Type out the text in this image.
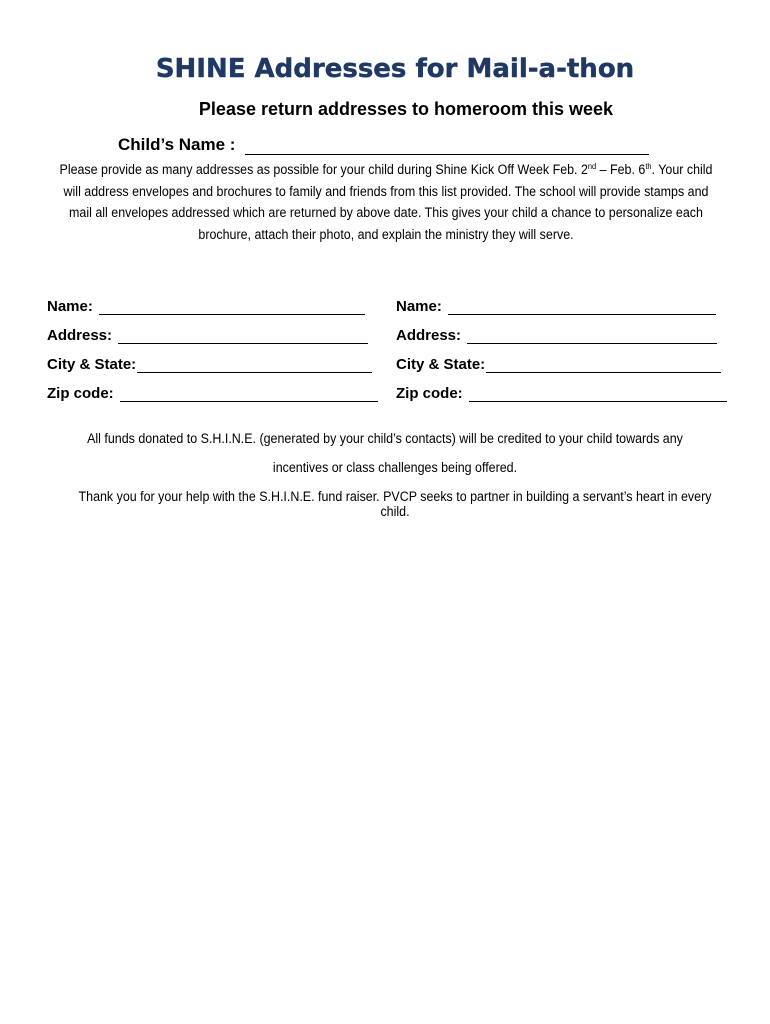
SHINE Addresses for Mail-a-thon
Please return addresses to homeroom this week
Child’s Name :
Please provide as many addresses as possible for your child during Shine Kick Off Week Feb. 2nd – Feb. 6th. Your child will address envelopes and brochures to family and friends from this list provided. The school will provide stamps and mail all envelopes addressed which are returned by above date. This gives your child a chance to personalize each brochure, attach their photo, and explain the ministry they will serve.
Name:
Address:
City & State:
Zip code:
Name:
Address:
City & State:
Zip code:
All funds donated to S.H.I.N.E. (generated by your child’s contacts) will be credited to your child towards any
incentives or class challenges being offered.
Thank you for your help with the S.H.I.N.E. fund raiser. PVCP seeks to partner in building a servant’s heart in every child.
